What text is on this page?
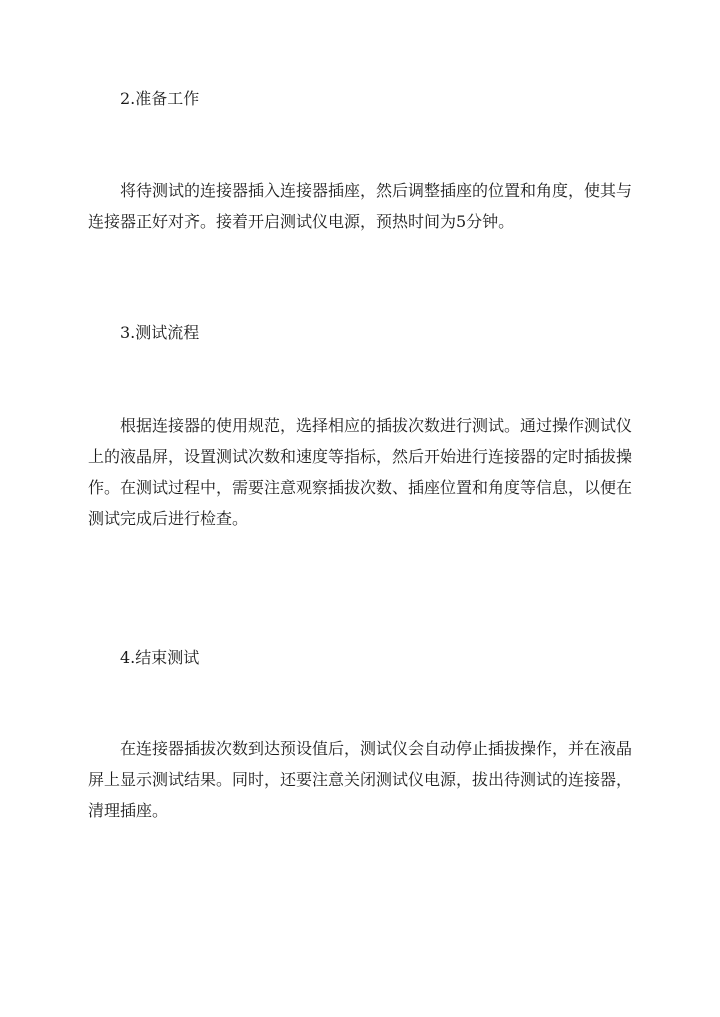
2.准备工作
将待测试的连接器插入连接器插座，然后调整插座的位置和角度，使其与连接器正好对齐。接着开启测试仪电源，预热时间为5分钟。
3.测试流程
根据连接器的使用规范，选择相应的插拔次数进行测试。通过操作测试仪上的液晶屏，设置测试次数和速度等指标，然后开始进行连接器的定时插拔操作。在测试过程中，需要注意观察插拔次数、插座位置和角度等信息，以便在测试完成后进行检查。
4.结束测试
在连接器插拔次数到达预设值后，测试仪会自动停止插拔操作，并在液晶屏上显示测试结果。同时，还要注意关闭测试仪电源，拔出待测试的连接器，清理插座。
